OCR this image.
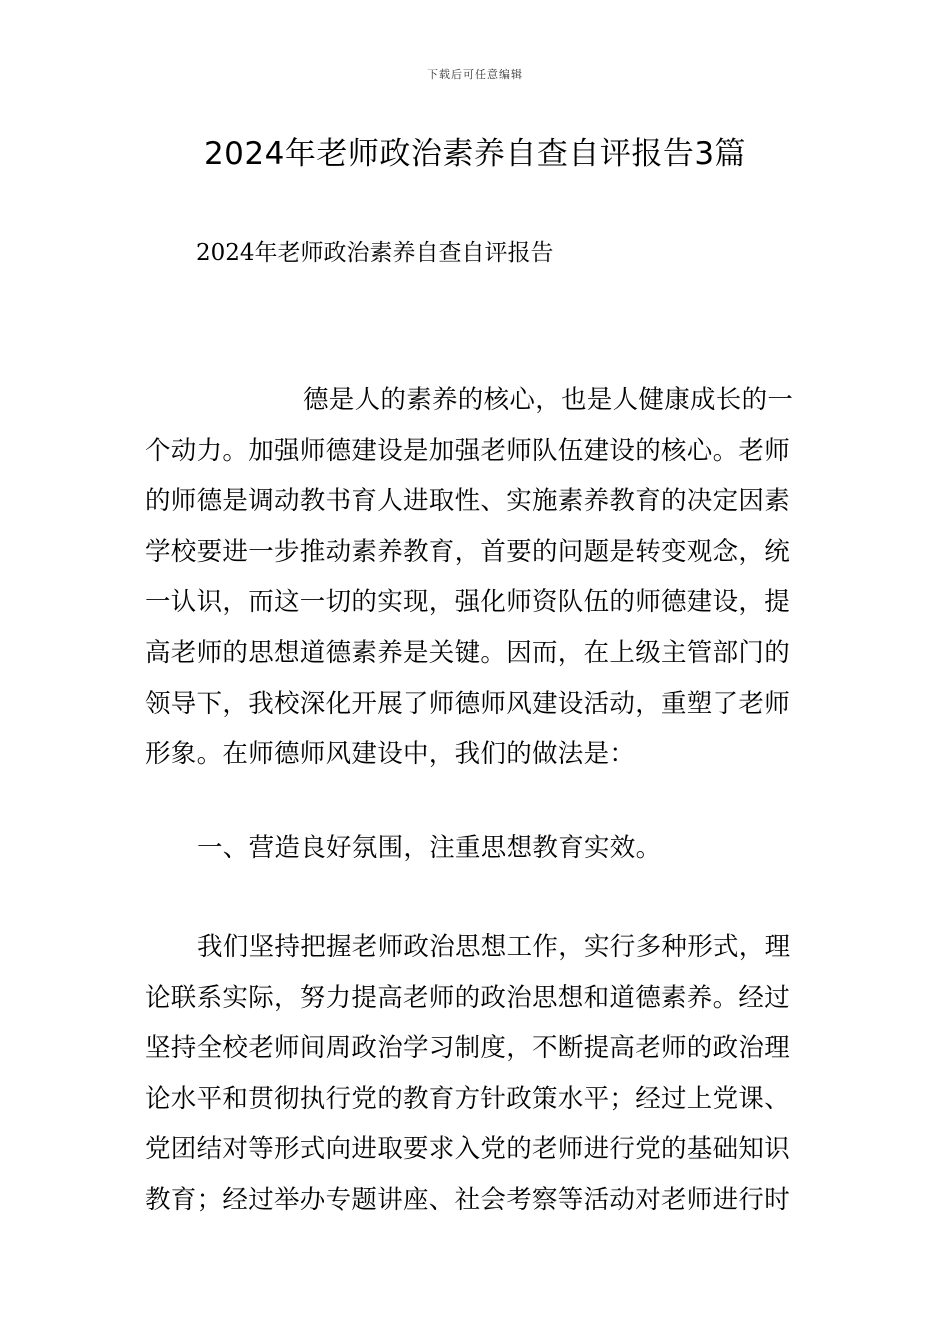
下载后可任意编辑
2024年老师政治素养自查自评报告3篇
2024年老师政治素养自查自评报告
德是人的素养的核心，也是人健康成长的一
个动力。加强师德建设是加强老师队伍建设的核心。老师
的师德是调动教书育人进取性、实施素养教育的决定因素
学校要进一步推动素养教育，首要的问题是转变观念，统
一认识，而这一切的实现，强化师资队伍的师德建设，提
高老师的思想道德素养是关键。因而，在上级主管部门的
领导下，我校深化开展了师德师风建设活动，重塑了老师
形象。在师德师风建设中，我们的做法是：
一、营造良好氛围，注重思想教育实效。
我们坚持把握老师政治思想工作，实行多种形式，理
论联系实际，努力提高老师的政治思想和道德素养。经过
坚持全校老师间周政治学习制度，不断提高老师的政治理
论水平和贯彻执行党的教育方针政策水平；经过上党课、
党团结对等形式向进取要求入党的老师进行党的基础知识
教育；经过举办专题讲座、社会考察等活动对老师进行时
